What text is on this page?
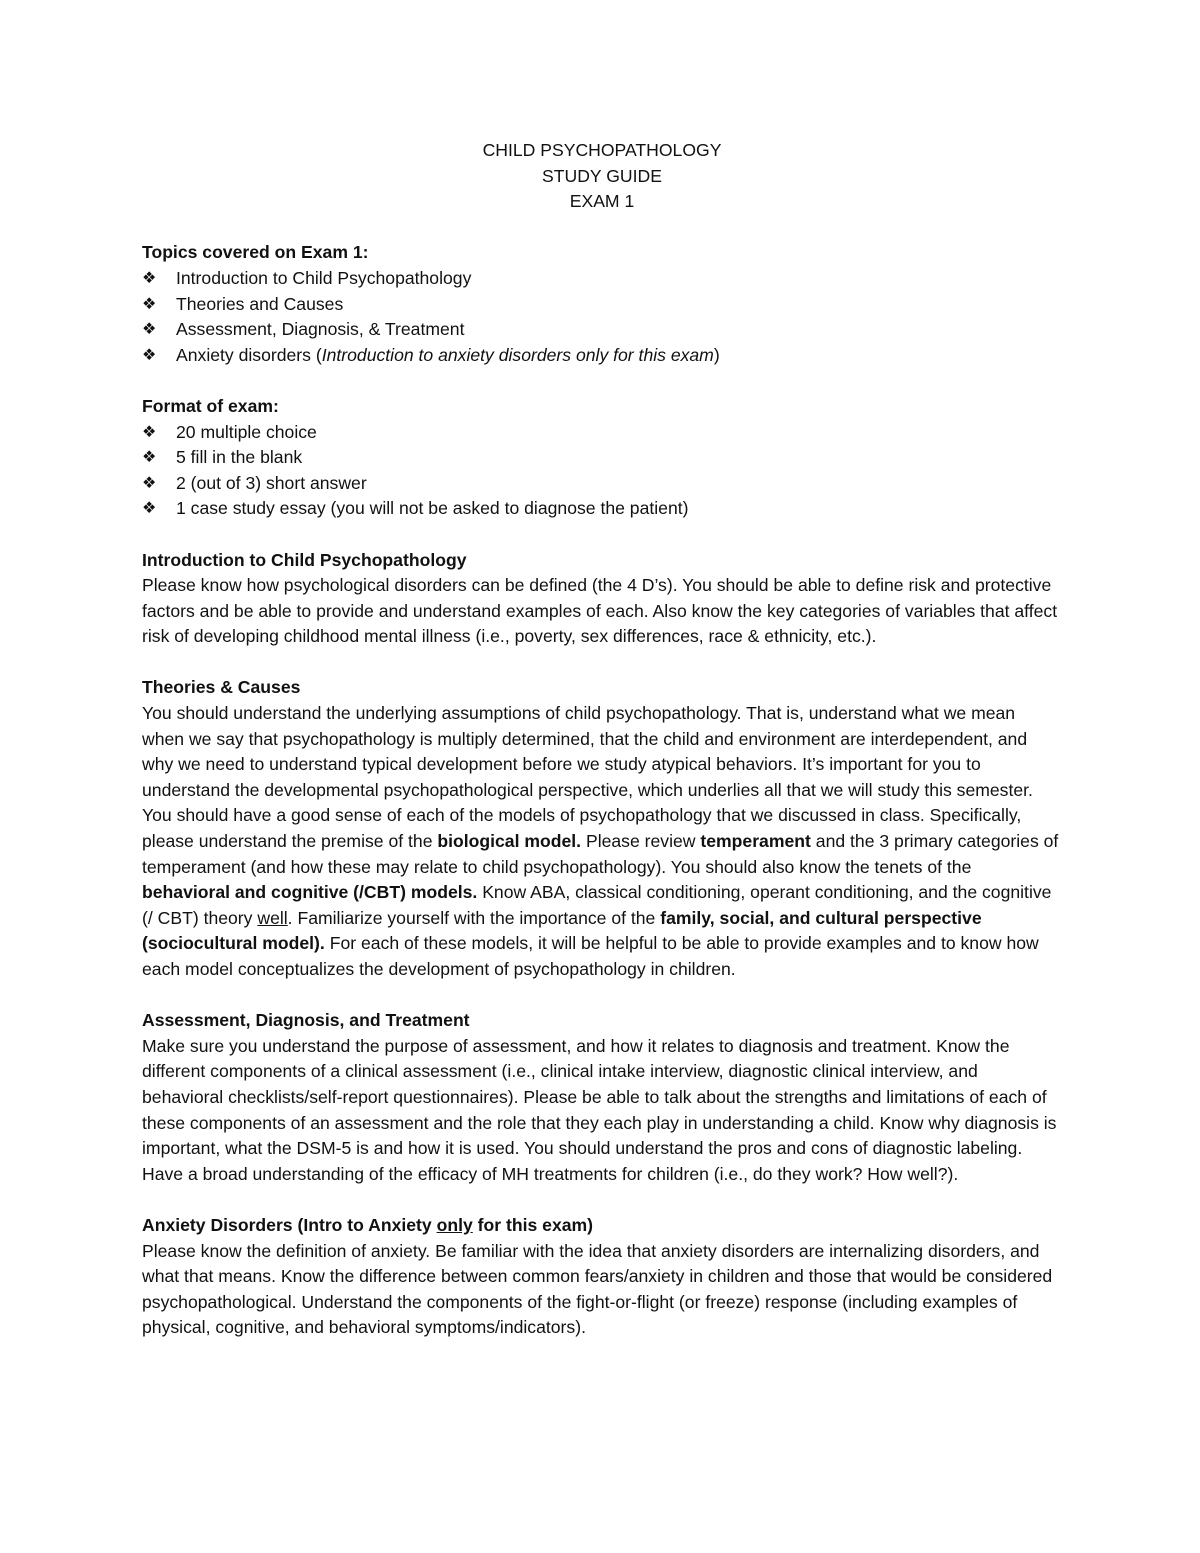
CHILD PSYCHOPATHOLOGY
STUDY GUIDE
EXAM 1
Topics covered on Exam 1:
❖	Introduction to Child Psychopathology
❖	Theories and Causes
❖	Assessment, Diagnosis, & Treatment
❖	Anxiety disorders (Introduction to anxiety disorders only for this exam)
Format of exam:
❖	20 multiple choice
❖	5 fill in the blank
❖	2 (out of 3) short answer
❖	1 case study essay (you will not be asked to diagnose the patient)
Introduction to Child Psychopathology

Please know how psychological disorders can be defined (the 4 D’s). You should be able to define risk and protective factors and be able to provide and understand examples of each. Also know the key categories of variables that affect risk of developing childhood mental illness (i.e., poverty, sex differences, race & ethnicity, etc.).

Theories & Causes

You should understand the underlying assumptions of child psychopathology. That is, understand what we mean when we say that psychopathology is multiply determined, that the child and environment are interdependent, and why we need to understand typical development before we study atypical behaviors. It’s important for you to understand the developmental psychopathological perspective, which underlies all that we will study this semester. You should have a good sense of each of the models of psychopathology that we discussed in class. Specifically, please understand the premise of the biological model. Please review temperament and the 3 primary categories of temperament (and how these may relate to child psychopathology). You should also know the tenets of the behavioral and cognitive (/CBT) models. Know ABA, classical conditioning, operant conditioning, and the cognitive (/ CBT) theory well. Familiarize yourself with the importance of the family, social, and cultural perspective (sociocultural model). For each of these models, it will be helpful to be able to provide examples and to know how each model conceptualizes the development of psychopathology in children.

Assessment, Diagnosis, and Treatment

Make sure you understand the purpose of assessment, and how it relates to diagnosis and treatment. Know the different components of a clinical assessment (i.e., clinical intake interview, diagnostic clinical interview, and behavioral checklists/self-report questionnaires). Please be able to talk about the strengths and limitations of each of these components of an assessment and the role that they each play in understanding a child. Know why diagnosis is important, what the DSM-5 is and how it is used. You should understand the pros and cons of diagnostic labeling. Have a broad understanding of the efficacy of MH treatments for children (i.e., do they work? How well?).

Anxiety Disorders (Intro to Anxiety only for this exam)

Please know the definition of anxiety. Be familiar with the idea that anxiety disorders are internalizing disorders, and what that means. Know the difference between common fears/anxiety in children and those that would be considered psychopathological. Understand the components of the fight-or-flight (or freeze) response (including examples of physical, cognitive, and behavioral symptoms/indicators).
